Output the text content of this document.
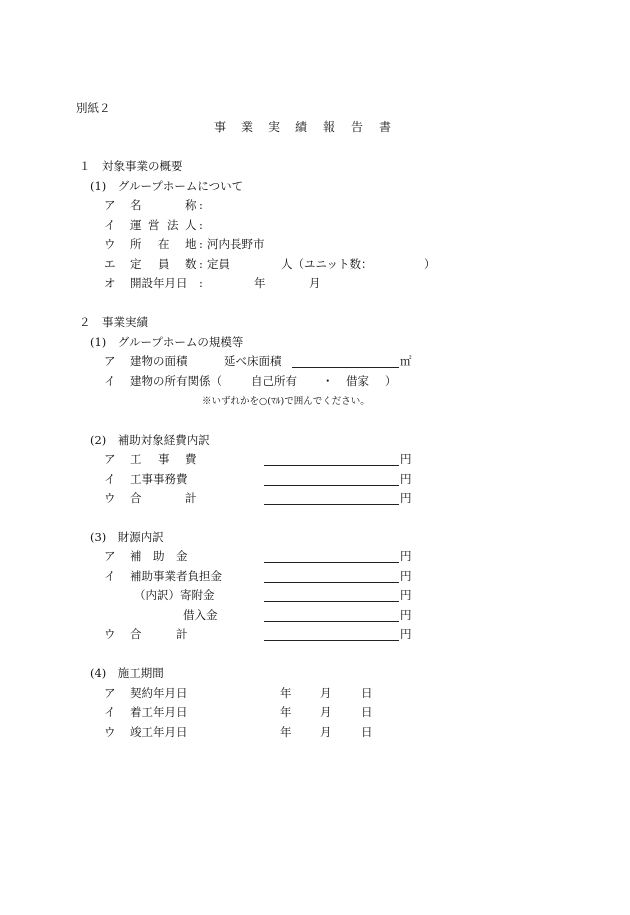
別紙２
事 業 実 績 報 告 書
１　対象事業の概要
(1)　グループホームについて
ア 名	称 :
イ 運 営 法 人 :
ウ 所 在 地 : 河内長野市
エ 定 員 数 : 定員	人（ユニット数：	）
オ 開設年月日 :	年	月
２　事業実績
(1)　グループホームの規模等
ア 建物の面積	延べ床面積	㎡
イ 建物の所有関係（	自己所有 ・ 借家 ）
※いずれかを○(ﾏﾙ)で囲んでください。
(2)　補助対象経費内訳
ア 工 事 費	円
イ 工事事務費	円
ウ 合	計	円
(3)　財源内訳
ア 補　助　金	円
イ 補助事業者負担金	円
（内訳）寄附金	円
借入金	円
ウ 合　　　計	円
(4)　施工期間
ア 契約年月日	年 月	日
イ 着工年月日	年 月	日
ウ 竣工年月日	年 月	日
